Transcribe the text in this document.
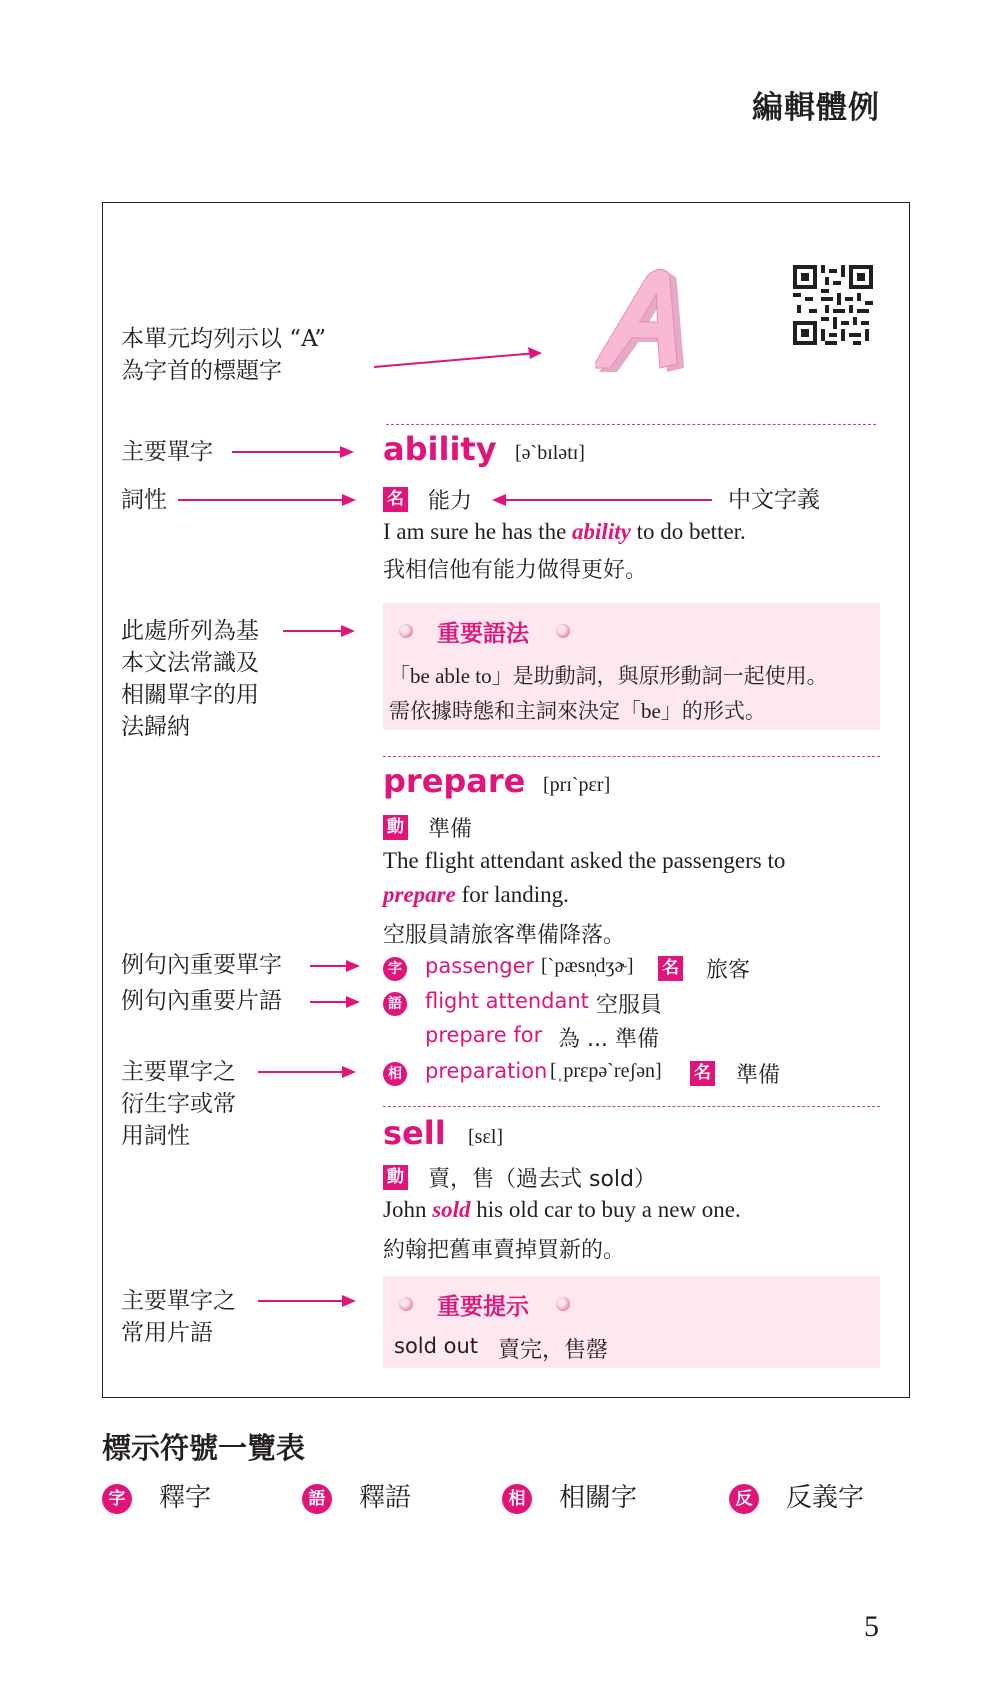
編輯體例
本單元均列示以 “A”
為字首的標題字
主要單字	ability [ə`bɪlətɪ]
詞性	名 能力	中文字義
I am sure he has the ability to do better.
我相信他有能力做得更好。
此處所列為基
本文法常識及
相關單字的用
法歸納
重要語法
「be able to」是助動詞，與原形動詞一起使用。
需依據時態和主詞來決定「be」的形式。
prepare [prɪ`pɛr]
動 準備
The flight attendant asked the passengers to
prepare for landing.
空服員請旅客準備降落。
例句內重要單字	字 passenger [`pæsn̩dʒɚ] 名 旅客
例句內重要片語	語 flight attendant 空服員
prepare for 為 ... 準備
主要單字之
衍生字或常
用詞性
相 preparation [ˌprɛpə`reʃən] 名 準備
sell [sɛl]
動 賣，售（過去式 sold）
John sold his old car to buy a new one.
約翰把舊車賣掉買新的。
主要單字之
常用片語
重要提示
sold out 賣完，售罄
標示符號一覽表
字 釋字	語 釋語	相 相關字	反 反義字
5
